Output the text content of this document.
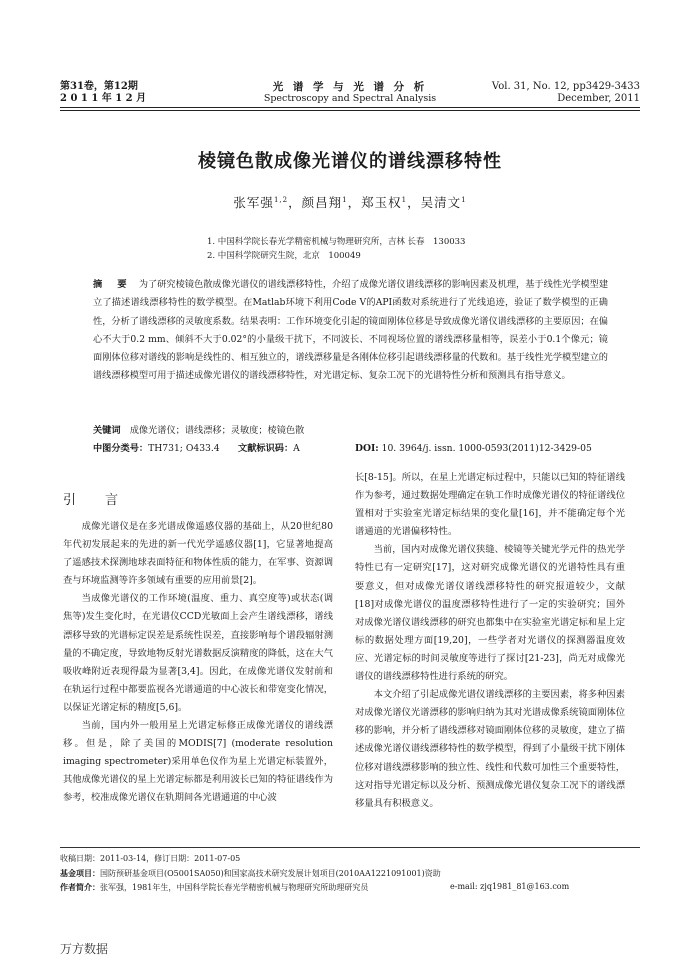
第31卷，第12期
2 0 1 1 年 1 2 月
光 谱 学 与 光 谱 分 析
Spectroscopy and Spectral Analysis
Vol. 31, No. 12, pp3429-3433
December, 2011
棱镜色散成像光谱仪的谱线漂移特性
张军强$^{1,2}$，颜昌翔$^1$，郑玉权$^1$，吴清文$^1$
1. 中国科学院长春光学精密机械与物理研究所，吉林 长春　130033
2. 中国科学院研究生院，北京　100049
摘　要　 为了研究棱镜色散成像光谱仪的谱线漂移特性，介绍了成像光谱仪谱线漂移的影响因素及机理，基于线性光学模型建立了描述谱线漂移特性的数学模型。在Matlab环境下利用Code V的API函数对系统进行了光线追迹，验证了数学模型的正确性，分析了谱线漂移的灵敏度系数。结果表明：工作环境变化引起的镜面刚体位移是导致成像光谱仪谱线漂移的主要原因；在偏心不大于0.2 mm、倾斜不大于0.02°的小量级干扰下，不同波长、不同视场位置的谱线漂移量相等，误差小于0.1个像元；镜面刚体位移对谱线的影响是线性的、相互独立的，谱线漂移量是各刚体位移引起谱线漂移量的代数和。基于线性光学模型建立的谱线漂移模型可用于描述成像光谱仪的谱线漂移特性，对光谱定标、复杂工况下的光谱特性分析和预测具有指导意义。
关键词　 成像光谱仪；谱线漂移；灵敏度；棱镜色散
中图分类号：TH731; O433.4　　 文献标识码：A	DOI: 10. 3964/j. issn. 1000-0593(2011)12-3429-05
引　言

成像光谱仪是在多光谱成像遥感仪器的基础上，从20世纪80年代初发展起来的先进的新一代光学遥感仪器[1]，它显著地提高了遥感技术探测地球表面特征和物体性质的能力，在军事、资源调查与环境监测等许多领域有重要的应用前景[2]。

当成像光谱仪的工作环境(温度、重力、真空度等)或状态(调焦等)发生变化时，在光谱仪CCD光敏面上会产生谱线漂移，谱线漂移导致的光谱标定误差是系统性误差，直接影响每个谱段辐射测量的不确定度，导致地物反射光谱数据反演精度的降低，这在大气吸收峰附近表现得最为显著[3,4]。因此，在成像光谱仪发射前和在轨运行过程中都要监视各光谱通道的中心波长和带宽变化情况，以保证光谱定标的精度[5,6]。

当前，国内外一般用星上光谱定标修正成像光谱仪的谱线漂移。但是，除了美国的MODIS[7] (moderate resolution imaging spectrometer)采用单色仪作为星上光谱定标装置外，其他成像光谱仪的星上光谱定标都是利用波长已知的特征谱线作为参考，校准成像光谱仪在轨期间各光谱通道的中心波

长[8-15]。所以，在星上光谱定标过程中，只能以已知的特征谱线作为参考，通过数据处理确定在轨工作时成像光谱仪的特征谱线位置相对于实验室光谱定标结果的变化量[16]，并不能确定每个光谱通道的光谱偏移特性。

当前，国内对成像光谱仪狭缝、棱镜等关键光学元件的热光学特性已有一定研究[17]，这对研究成像光谱仪的光谱特性具有重要意义，但对成像光谱仪谱线漂移特性的研究报道较少，文献[18]对成像光谱仪的温度漂移特性进行了一定的实验研究；国外对成像光谱仪谱线漂移的研究也都集中在实验室光谱定标和星上定标的数据处理方面[19,20]，一些学者对光谱仪的探测器温度效应、光谱定标的时间灵敏度等进行了探讨[21-23]，尚无对成像光谱仪的谱线漂移特性进行系统的研究。

本文介绍了引起成像光谱仪谱线漂移的主要因素，将多种因素对成像光谱仪光谱漂移的影响归纳为其对光谱成像系统镜面刚体位移的影响，并分析了谱线漂移对镜面刚体位移的灵敏度，建立了描述成像光谱仪谱线漂移特性的数学模型，得到了小量级干扰下刚体位移对谱线漂移影响的独立性、线性和代数可加性三个重要特性，这对指导光谱定标以及分析、预测成像光谱仪复杂工况下的谱线漂移量具有积极意义。

收稿日期：2011-03-14，修订日期：2011-07-05
基金项目：国防预研基金项目(O5001SA050)和国家高技术研究发展计划项目(2010AA1221091001)资助
作者简介：张军强，1981年生，中国科学院长春光学精密机械与物理研究所助理研究员	e-mail: zjq1981_81@163.com
万方数据
